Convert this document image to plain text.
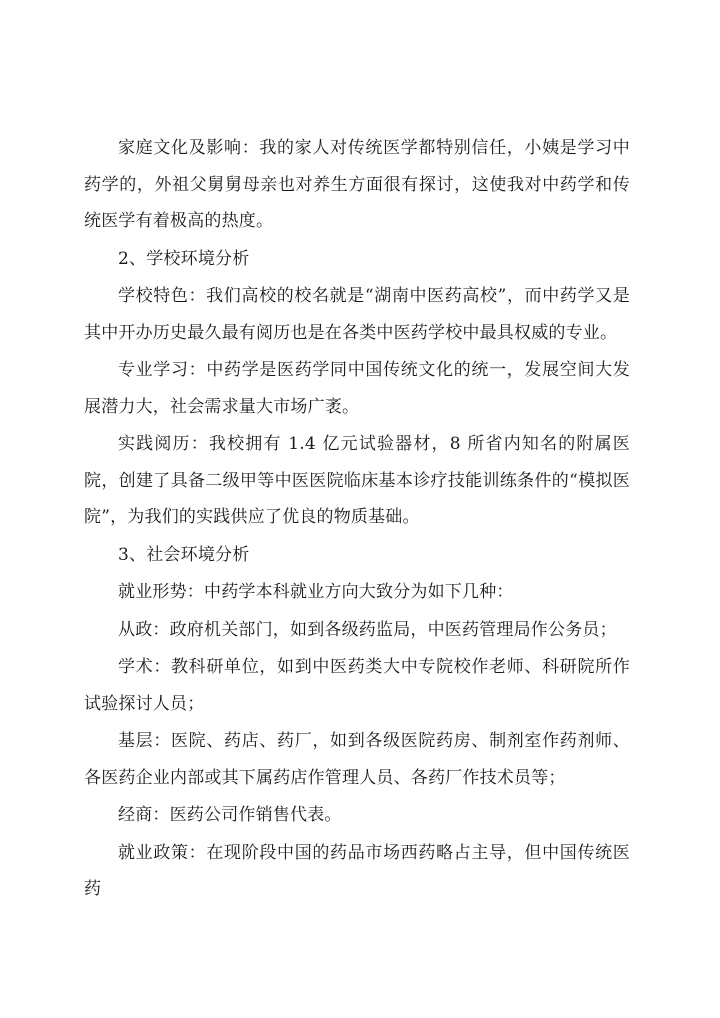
家庭文化及影响：我的家人对传统医学都特别信任，小姨是学习中药学的，外祖父舅舅母亲也对养生方面很有探讨，这使我对中药学和传统医学有着极高的热度。

2、学校环境分析

学校特色：我们高校的校名就是“湖南中医药高校”，而中药学又是其中开办历史最久最有阅历也是在各类中医药学校中最具权威的专业。

专业学习：中药学是医药学同中国传统文化的统一，发展空间大发展潜力大，社会需求量大市场广袤。

实践阅历：我校拥有 1.4 亿元试验器材，8 所省内知名的附属医院，创建了具备二级甲等中医医院临床基本诊疗技能训练条件的“模拟医院”，为我们的实践供应了优良的物质基础。

3、社会环境分析

就业形势：中药学本科就业方向大致分为如下几种：

从政：政府机关部门，如到各级药监局，中医药管理局作公务员；

学术：教科研单位，如到中医药类大中专院校作老师、科研院所作试验探讨人员；

基层：医院、药店、药厂，如到各级医院药房、制剂室作药剂师、各医药企业内部或其下属药店作管理人员、各药厂作技术员等；

经商：医药公司作销售代表。

就业政策：在现阶段中国的药品市场西药略占主导，但中国传统医药
